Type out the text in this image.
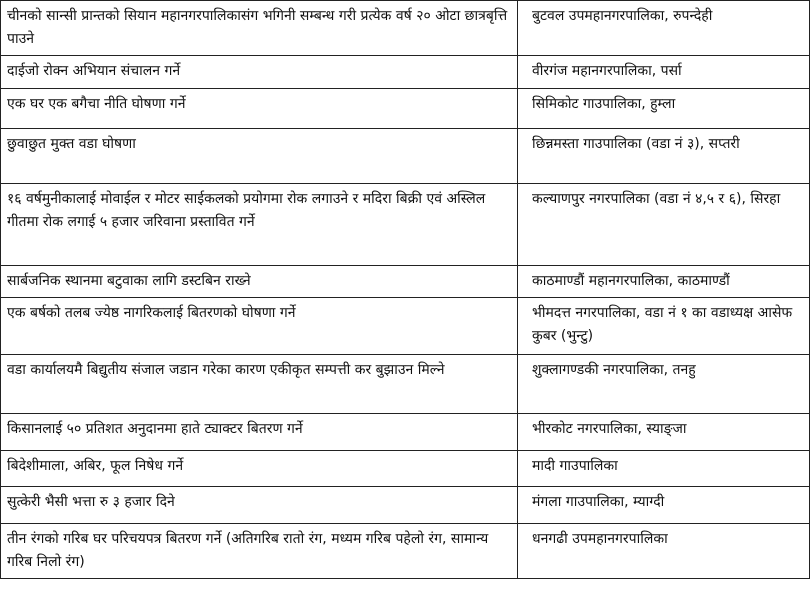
चीनको सान्सी प्रान्तको सियान महानगरपालिकासंग भगिनी सम्बन्ध गरी प्रत्येक वर्ष २० ओटा छात्रबृत्ति पाउने	बुटवल उपमहानगरपालिका, रुपन्देही

दाईजो रोक्न अभियान संचालन गर्ने	वीरगंज महानगरपालिका, पर्सा

एक घर एक बगैचा नीति घोषणा गर्ने	सिमिकोट गाउपालिका, हुम्ला

छुवाछुत मुक्त वडा घोषणा	छिन्नमस्ता गाउपालिका (वडा नं ३), सप्तरी

१६ वर्षमुनीकालाई मोवाईल र मोटर साईकलको प्रयोगमा रोक लगाउने र मदिरा बिक्री एवं अस्लिल गीतमा रोक लगाई ५ हजार जरिवाना प्रस्तावित गर्ने	कल्याणपुर नगरपालिका (वडा नं ४,५ र ६), सिरहा

सार्बजनिक स्थानमा बटुवाका लागि डस्टबिन राख्ने	काठमाण्डौं महानगरपालिका, काठमाण्डौं

एक बर्षको तलब ज्येष्ठ नागरिकलाई बितरणको घोषणा गर्ने	भीमदत्त नगरपालिका, वडा नं १ का वडाध्यक्ष आसेफ कुबर (भुन्टु)

वडा कार्यालयमै बिद्युतीय संजाल जडान गरेका कारण एकीकृत सम्पत्ती कर बुझाउन मिल्ने	शुक्लागण्डकी नगरपालिका, तनहु

किसानलाई ५० प्रतिशत अनुदानमा हाते ट्याक्टर बितरण गर्ने	भीरकोट नगरपालिका, स्याङ्जा

बिदेशीमाला, अबिर, फूल निषेध गर्ने	मादी गाउपालिका

सुत्केरी भैसी भत्ता रु ३ हजार दिने	मंगला गाउपालिका, म्याग्दी

तीन रंगको गरिब घर परिचयपत्र बितरण गर्ने (अतिगरिब रातो रंग, मध्यम गरिब पहेलो रंग, सामान्य गरिब निलो रंग)	धनगढी उपमहानगरपालिका
